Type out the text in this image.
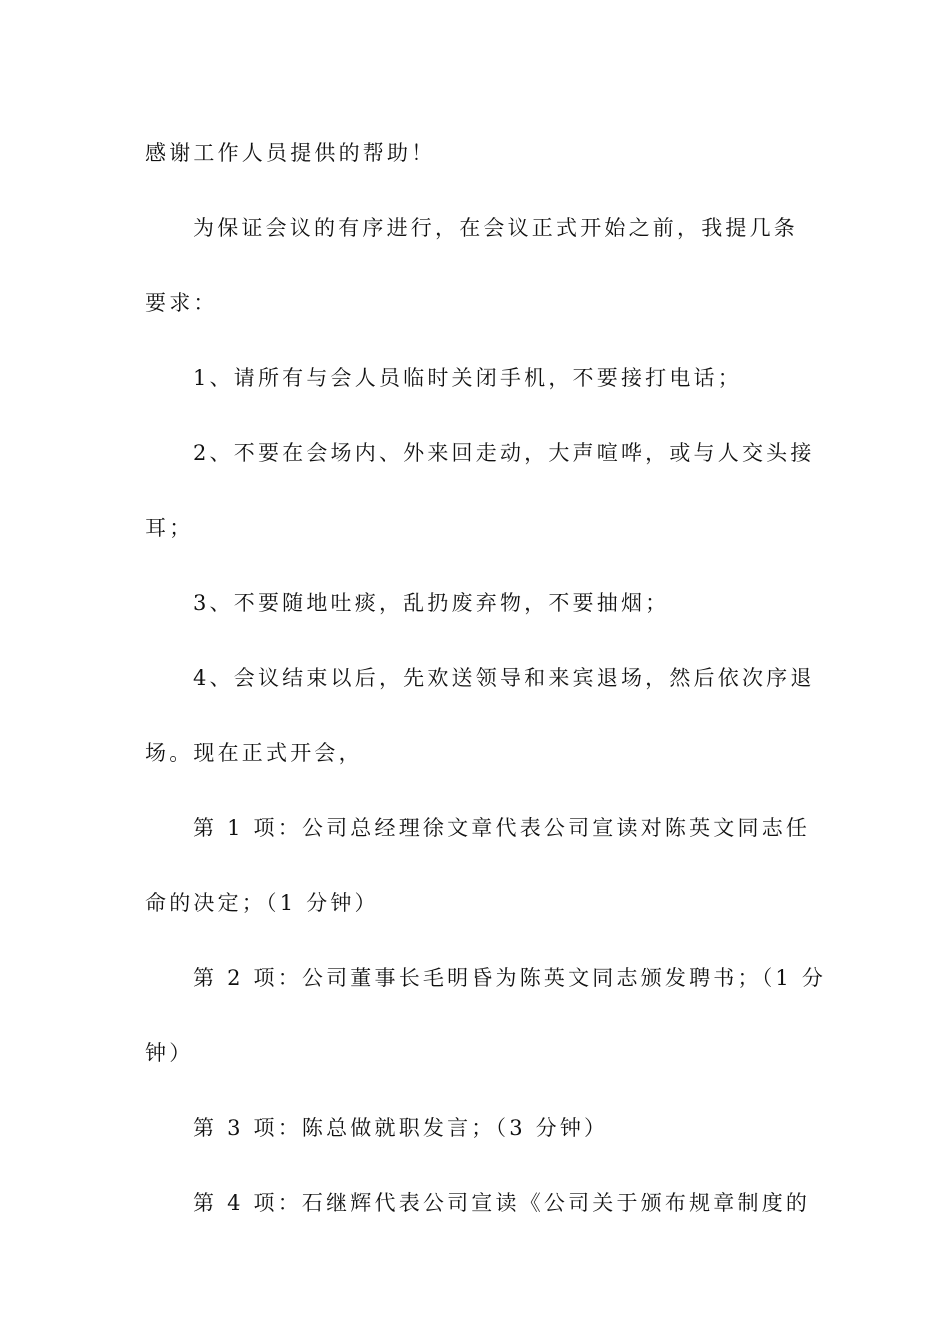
感谢工作人员提供的帮助！
为保证会议的有序进行，在会议正式开始之前，我提几条
要求：
1、请所有与会人员临时关闭手机，不要接打电话；
2、不要在会场内、外来回走动，大声喧哗，或与人交头接
耳；
3、不要随地吐痰，乱扔废弃物，不要抽烟；
4、会议结束以后，先欢送领导和来宾退场，然后依次序退
场。现在正式开会，
第 1 项：公司总经理徐文章代表公司宣读对陈英文同志任
命的决定；（1 分钟）
第 2 项：公司董事长毛明昏为陈英文同志颁发聘书；（1 分
钟）
第 3 项：陈总做就职发言；（3 分钟）
第 4 项：石继辉代表公司宣读《公司关于颁布规章制度的
